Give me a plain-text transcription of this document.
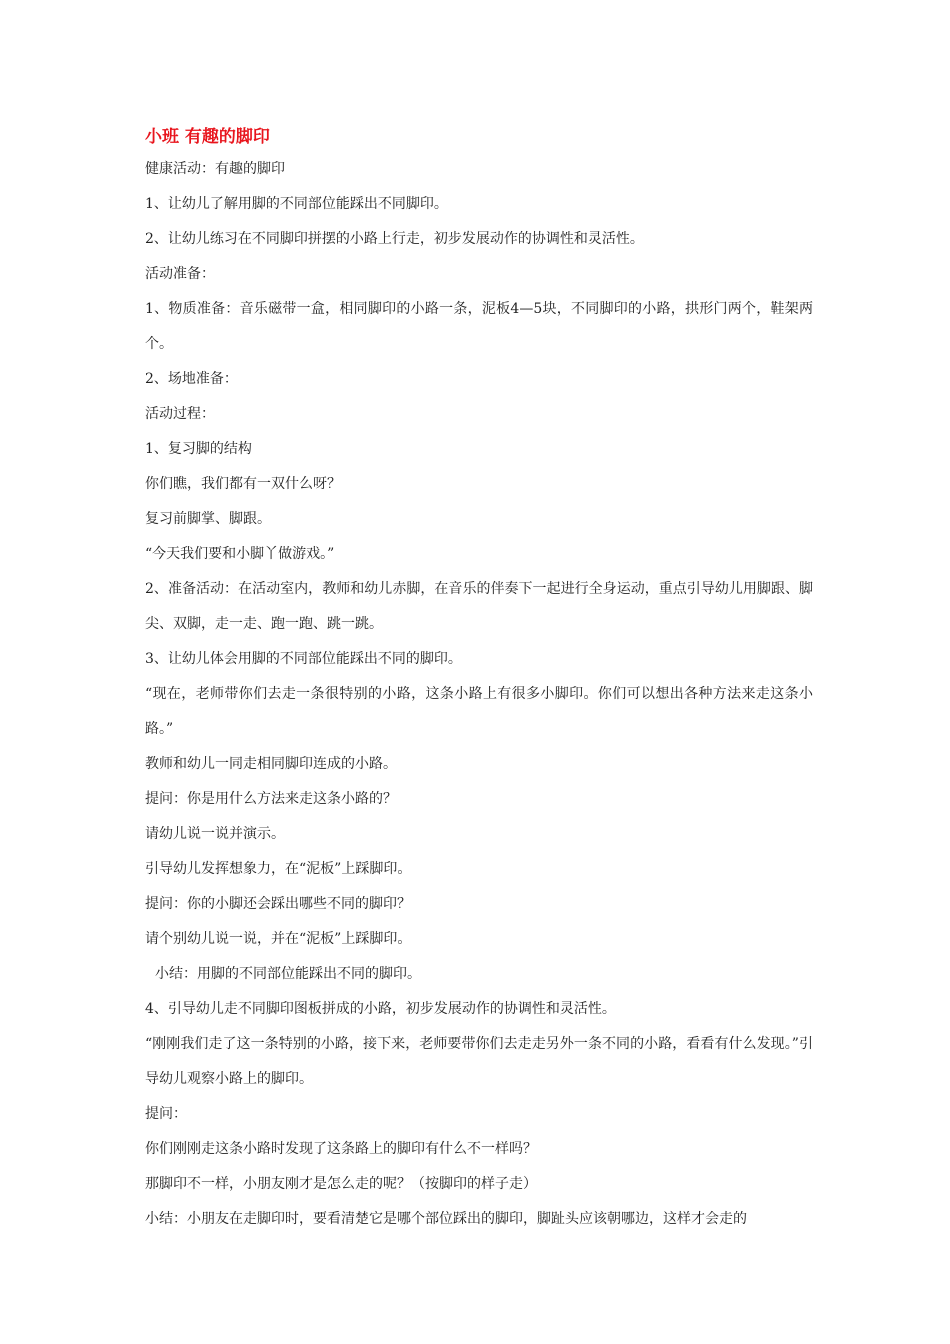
小班 有趣的脚印
健康活动：有趣的脚印
1、让幼儿了解用脚的不同部位能踩出不同脚印。
2、让幼儿练习在不同脚印拼摆的小路上行走，初步发展动作的协调性和灵活性。
活动准备：
1、物质准备：音乐磁带一盒，相同脚印的小路一条，泥板4—5块，不同脚印的小路，拱形门两个，鞋架两个。
2、场地准备：
活动过程：
1、复习脚的结构
你们瞧，我们都有一双什么呀？
复习前脚掌、脚跟。
“今天我们要和小脚丫做游戏。”
2、准备活动：在活动室内，教师和幼儿赤脚，在音乐的伴奏下一起进行全身运动，重点引导幼儿用脚跟、脚尖、双脚，走一走、跑一跑、跳一跳。
3、让幼儿体会用脚的不同部位能踩出不同的脚印。
“现在，老师带你们去走一条很特别的小路，这条小路上有很多小脚印。你们可以想出各种方法来走这条小路。”
教师和幼儿一同走相同脚印连成的小路。
提问：你是用什么方法来走这条小路的？
请幼儿说一说并演示。
引导幼儿发挥想象力，在“泥板”上踩脚印。
提问：你的小脚还会踩出哪些不同的脚印？
请个别幼儿说一说，并在“泥板”上踩脚印。
小结：用脚的不同部位能踩出不同的脚印。
4、引导幼儿走不同脚印图板拼成的小路，初步发展动作的协调性和灵活性。
“刚刚我们走了这一条特别的小路，接下来，老师要带你们去走走另外一条不同的小路，看看有什么发现。”引导幼儿观察小路上的脚印。
提问：
你们刚刚走这条小路时发现了这条路上的脚印有什么不一样吗？
那脚印不一样，小朋友刚才是怎么走的呢？（按脚印的样子走）
小结：小朋友在走脚印时，要看清楚它是哪个部位踩出的脚印，脚趾头应该朝哪边，这样才会走的
